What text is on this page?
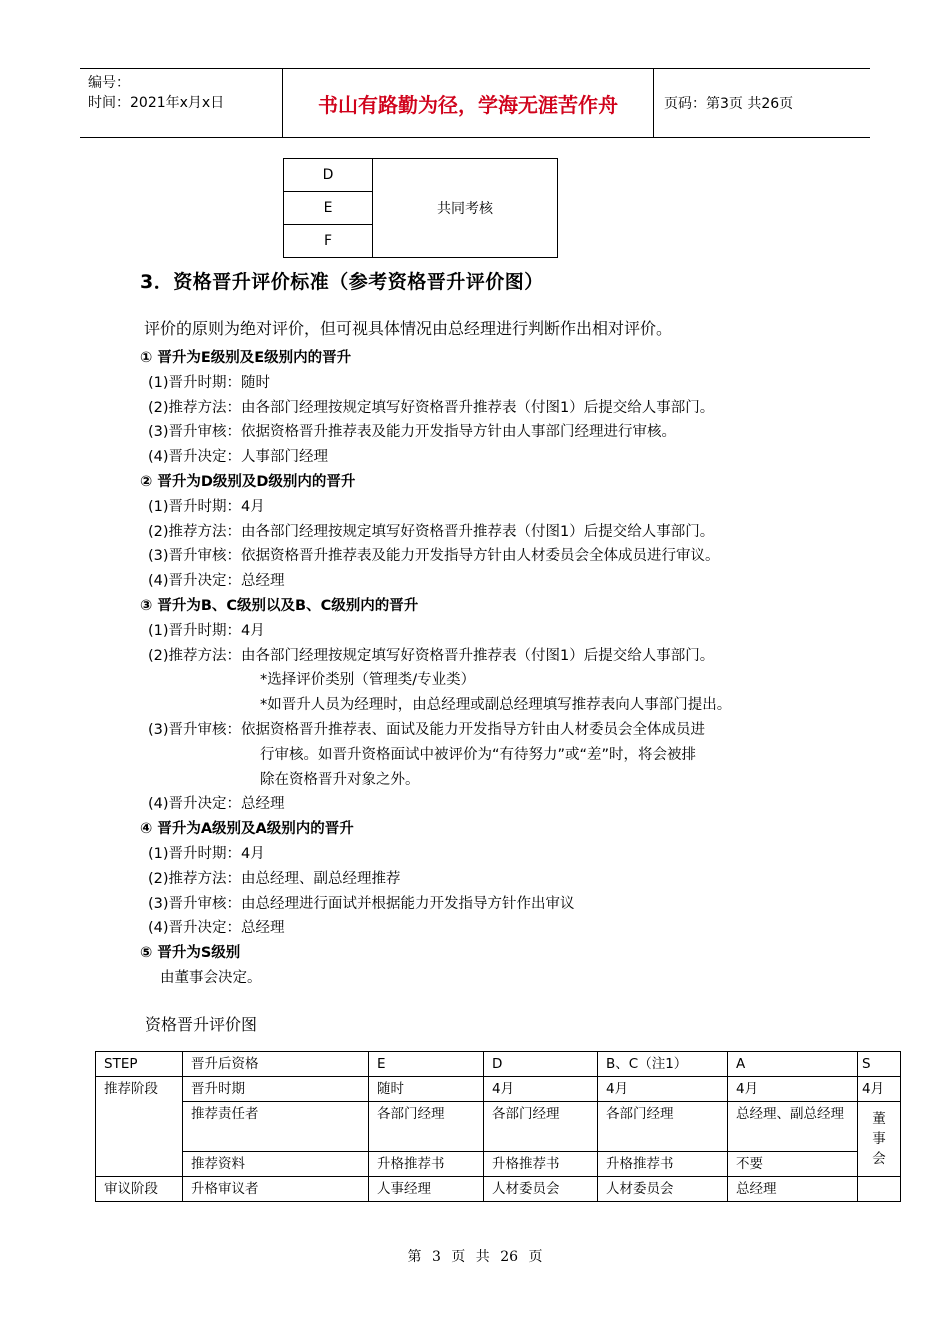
编号：
时间：2021年x月x日	书山有路勤为径，学海无涯苦作舟	页码：第3页 共26页
D	共同考核
E
F
3．资格晋升评价标准（参考资格晋升评价图）

评价的原则为绝对评价，但可视具体情况由总经理进行判断作出相对评价。

① 晋升为E级别及E级别内的晋升
(1)晋升时期：随时
(2)推荐方法：由各部门经理按规定填写好资格晋升推荐表（付图1）后提交给人事部门。
(3)晋升审核：依据资格晋升推荐表及能力开发指导方针由人事部门经理进行审核。
(4)晋升决定：人事部门经理
② 晋升为D级别及D级别内的晋升
(1)晋升时期：4月
(2)推荐方法：由各部门经理按规定填写好资格晋升推荐表（付图1）后提交给人事部门。
(3)晋升审核：依据资格晋升推荐表及能力开发指导方针由人材委员会全体成员进行审议。
(4)晋升决定：总经理
③ 晋升为B、C级别以及B、C级别内的晋升
(1)晋升时期：4月
(2)推荐方法：由各部门经理按规定填写好资格晋升推荐表（付图1）后提交给人事部门。
*选择评价类别（管理类/专业类）
*如晋升人员为经理时，由总经理或副总经理填写推荐表向人事部门提出。
(3)晋升审核：依据资格晋升推荐表、面试及能力开发指导方针由人材委员会全体成员进
行审核。如晋升资格面试中被评价为“有待努力”或“差”时，将会被排
除在资格晋升对象之外。
(4)晋升决定：总经理
④ 晋升为A级别及A级别内的晋升
(1)晋升时期：4月
(2)推荐方法：由总经理、副总经理推荐
(3)晋升审核：由总经理进行面试并根据能力开发指导方针作出审议
(4)晋升决定：总经理
⑤ 晋升为S级别
由董事会决定。
资格晋升评价图
STEP	晋升后资格	E	D	B、C（注1）	A	S
推荐阶段	晋升时期	随时	4月	4月	4月	4月
	推荐责任者	各部门经理	各部门经理	各部门经理	总经理、副总经理	董
事
会
	推荐资料	升格推荐书	升格推荐书	升格推荐书	不要	
审议阶段	升格审议者	人事经理	人材委员会	人材委员会	总经理	
第 3 页 共 26 页
